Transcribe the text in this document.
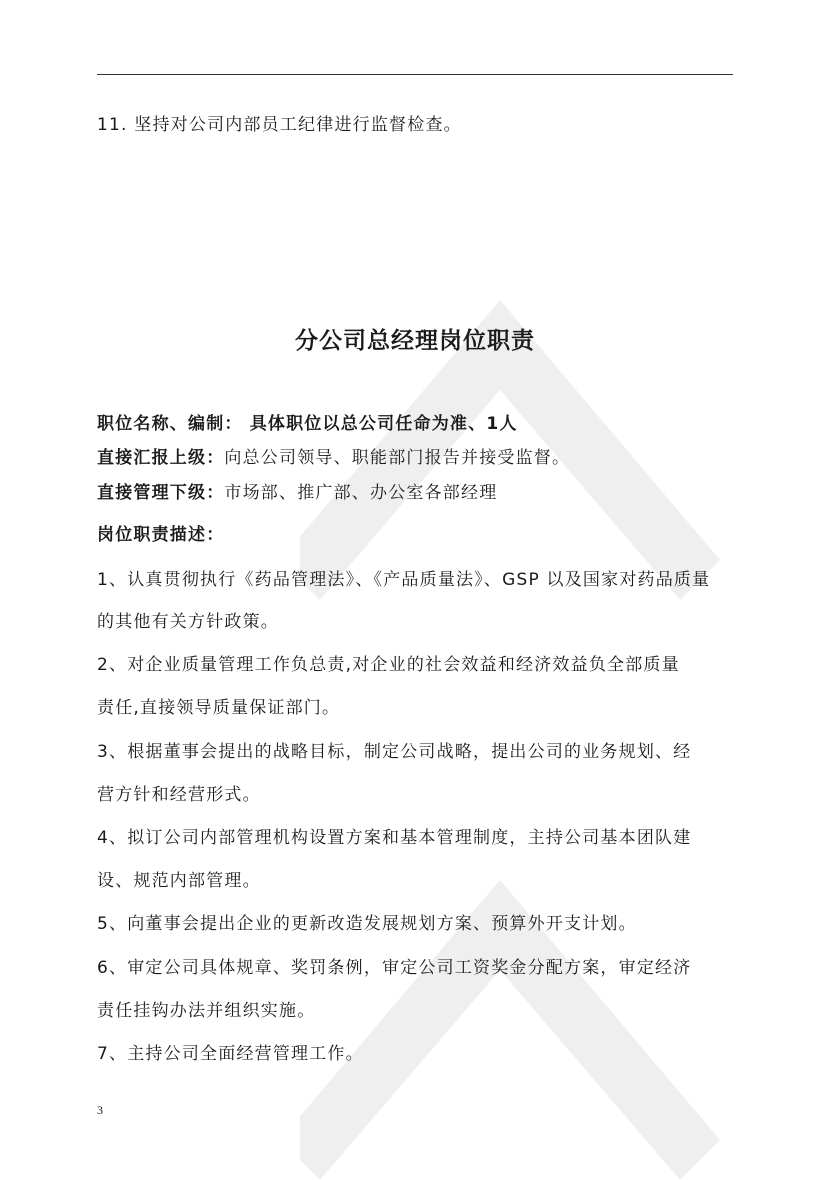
11. 坚持对公司内部员工纪律进行监督检查。
分公司总经理岗位职责
职位名称、编制： 具体职位以总公司任命为准、1人
直接汇报上级：向总公司领导、职能部门报告并接受监督。
直接管理下级：市场部、推广部、办公室各部经理
岗位职责描述：
1、认真贯彻执行《药品管理法》、《产品质量法》、GSP 以及国家对药品质量
的其他有关方针政策。
2、对企业质量管理工作负总责,对企业的社会效益和经济效益负全部质量
责任,直接领导质量保证部门。
3、根据董事会提出的战略目标，制定公司战略，提出公司的业务规划、经
营方针和经营形式。
4、拟订公司内部管理机构设置方案和基本管理制度，主持公司基本团队建
设、规范内部管理。
5、向董事会提出企业的更新改造发展规划方案、预算外开支计划。
6、审定公司具体规章、奖罚条例，审定公司工资奖金分配方案，审定经济
责任挂钩办法并组织实施。
7、主持公司全面经营管理工作。
3
